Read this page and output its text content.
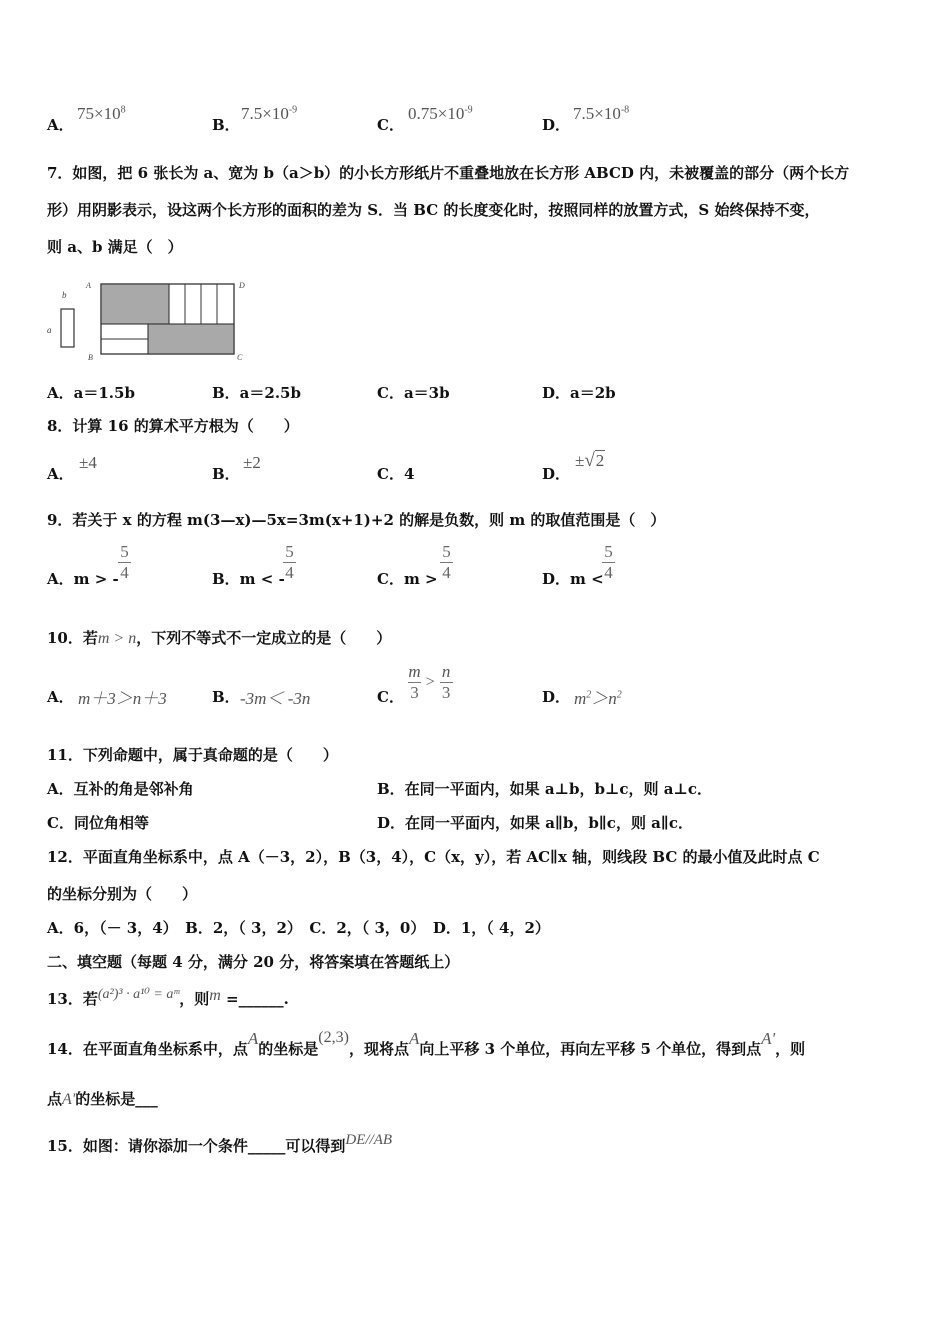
A．
$75\times 10^8$
B．
$7.5\times 10^{-9}$
C．
$0.75\times 10^{-9}$
D．
$7.5\times 10^{-8}$
7．如图，把 6 张长为 a、宽为 b（a＞b）的小长方形纸片不重叠地放在长方形 ABCD 内，未被覆盖的部分（两个长方
形）用阴影表示，设这两个长方形的面积的差为 S．当 BC 的长度变化时，按照同样的放置方式，S 始终保持不变，
则 a、b 满足（　）
b
a
A
B
D
C
A．a＝1.5b	B．a＝2.5b	C．a＝3b	D．a＝2b
8．计算 16 的算术平方根为（　　）
A．
±4
B．
±2
C．4	D．
±√2
9．若关于 x 的方程 m(3—x)—5x=3m(x+1)+2 的解是负数，则 m 的取值范围是（　）
A．m > - $\frac{5}{4}$	B．m < -
$\frac{5}{4}$	C．$m > \frac{5}{4}$	D．m <
$\frac{5}{4}$
10．若m > n，下列不等式不一定成立的是（　　）
A． m＋3＞n＋3	B． -3m＜ -3n	C． $\frac{m}{3} > \frac{n}{3}$	D． $m^2>n^2$
11．下列命题中，属于真命题的是（　　）
A．互补的角是邻补角	B．在同一平面内，如果 a⊥b，b⊥c，则 a⊥c．
C．同位角相等	D．在同一平面内，如果 a∥b，b∥c，则 a∥c．
12．平面直角坐标系中，点 A（－3，2），B（3，4），C（x，y），若 AC∥x 轴，则线段 BC 的最小值及此时点 C
的坐标分别为（　　）
A．6，（－ 3，4）　B．2，（ 3，2）　C．2，（ 3，0）　D．1，（ 4，2）
二、填空题（每题 4 分，满分 20 分，将答案填在答题纸上）
13．若(a²)³ · a¹⁰ = aᵐ，则m =______.
14．在平面直角坐标系中，点A的坐标是(2,3)，现将点A向上平移 3 个单位，再向左平移 5 个单位，得到点A'，则
点A'的坐标是___
15．如图：请你添加一个条件_____可以得到DE//AB
